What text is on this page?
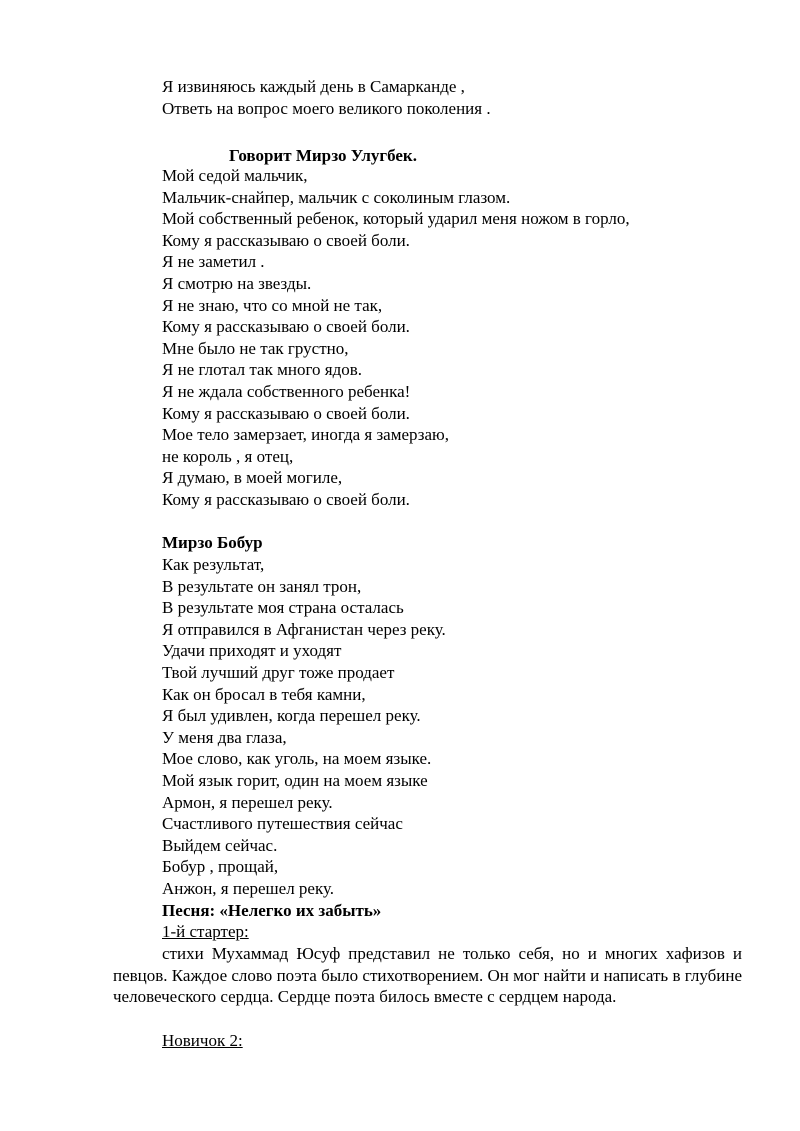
Я извиняюсь каждый день в Самарканде ,
Ответь на вопрос моего великого поколения .
Говорит Мирзо Улугбек.
Мой седой мальчик,
Мальчик-снайпер, мальчик с соколиным глазом.
Мой собственный ребенок, который ударил меня ножом в горло,
Кому я рассказываю о своей боли.
Я не заметил .
Я смотрю на звезды.
Я не знаю, что со мной не так,
Кому я рассказываю о своей боли.
Мне было не так грустно,
Я не глотал так много ядов.
Я не ждала собственного ребенка!
Кому я рассказываю о своей боли.
Мое тело замерзает, иногда я замерзаю,
не король , я отец,
Я думаю, в моей могиле,
Кому я рассказываю о своей боли.
Мирзо Бобур
Как результат,
В результате он занял трон,
В результате моя страна осталась
Я отправился в Афганистан через реку.
Удачи приходят и уходят
Твой лучший друг тоже продает
Как он бросал в тебя камни,
Я был удивлен, когда перешел реку.
У меня два глаза,
Мое слово, как уголь, на моем языке.
Мой язык горит, один на моем языке
Армон, я перешел реку.
Счастливого путешествия сейчас
Выйдем сейчас.
Бобур , прощай,
Анжон, я перешел реку.
Песня: «Нелегко их забыть»
1-й стартер:
стихи Мухаммад Юсуф представил не только себя, но и многих хафизов и певцов. Каждое слово поэта было стихотворением. Он мог найти и написать в глубине человеческого сердца. Сердце поэта билось вместе с сердцем народа.
Новичок 2:
